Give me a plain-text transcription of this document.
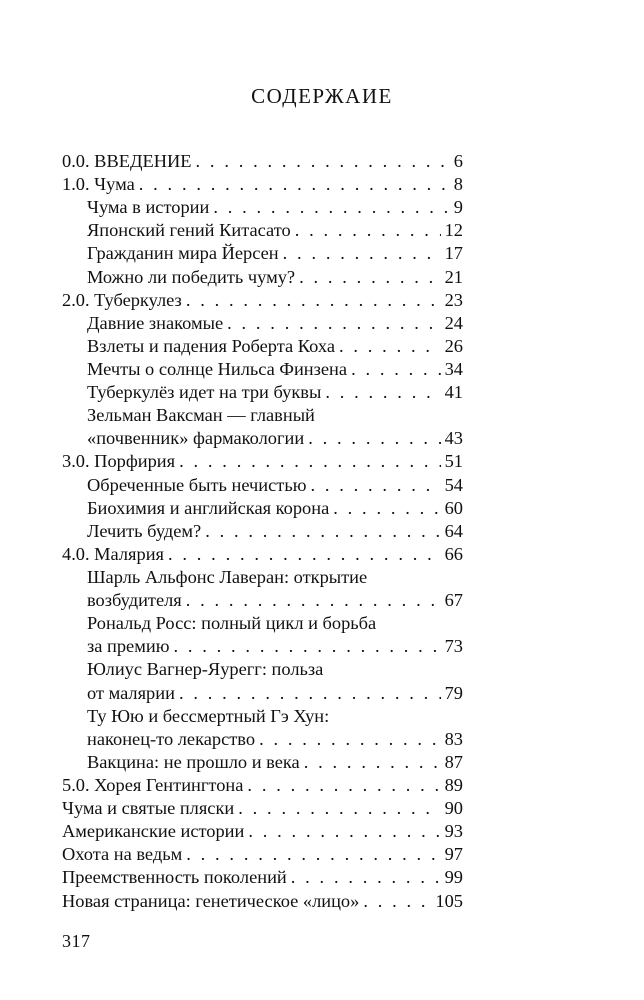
СОДЕРЖАИЕ
0.0. ВВЕДЕНИЕ . . .	6
1.0. Чума . . .	8
Чума в истории . . .	9
Японский гений Китасато . . .	12
Гражданин мира Йерсен . . .	17
Можно ли победить чуму? . . .	21
2.0. Туберкулез . . .	23
Давние знакомые . . .	24
Взлеты и падения Роберта Коха . . .	26
Мечты о солнце Нильса Финзена . . .	34
Туберкулёз идет на три буквы . . .	41
Зельман Ваксман — главный
«почвенник» фармакологии . . .	43
3.0. Порфирия . . .	51
Обреченные быть нечистью . . .	54
Биохимия и английская корона . . .	60
Лечить будем? . . .	64
4.0. Малярия . . .	66
Шарль Альфонс Лаверан: открытие
возбудителя . . .	67
Рональд Росс: полный цикл и борьба
за премию . . .	73
Юлиус Вагнер-Яурегг: польза
от малярии . . .	79
Ту Юю и бессмертный Гэ Хун:
наконец-то лекарство . . .	83
Вакцина: не прошло и века . . .	87
5.0. Хорея Гентингтона . . .	89
Чума и святые пляски . . .	90
Американские истории . . .	93
Охота на ведьм . . .	97
Преемственность поколений . . .	99
Новая страница: генетическое «лицо» . . .	105
317
